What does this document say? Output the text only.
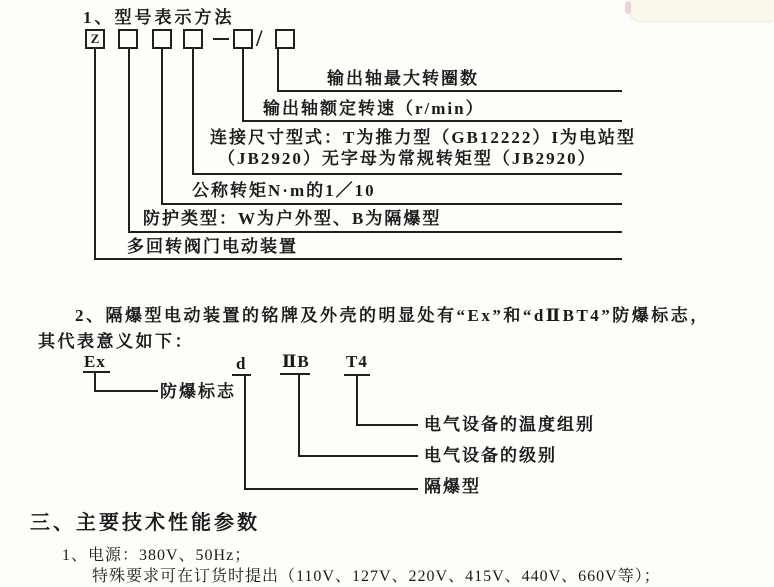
1、型号表示方法
Z	/
输出轴最大转圈数
输出轴额定转速（r/min）
连接尺寸型式：T为推力型（GB12222）I为电站型
（JB2920）无字母为常规转矩型（JB2920）
公称转矩N·m的1／10
防护类型：W为户外型、B为隔爆型
多回转阀门电动装置
2、隔爆型电动装置的铭牌及外壳的明显处有“Ex”和“dⅡBT4”防爆标志，
其代表意义如下：
Ex	d ⅡB T4
防爆标志
电气设备的温度组别
电气设备的级别
隔爆型
三、主要技术性能参数
1、电源：380V、50Hz；
特殊要求可在订货时提出（110V、127V、220V、415V、440V、660V等）；
